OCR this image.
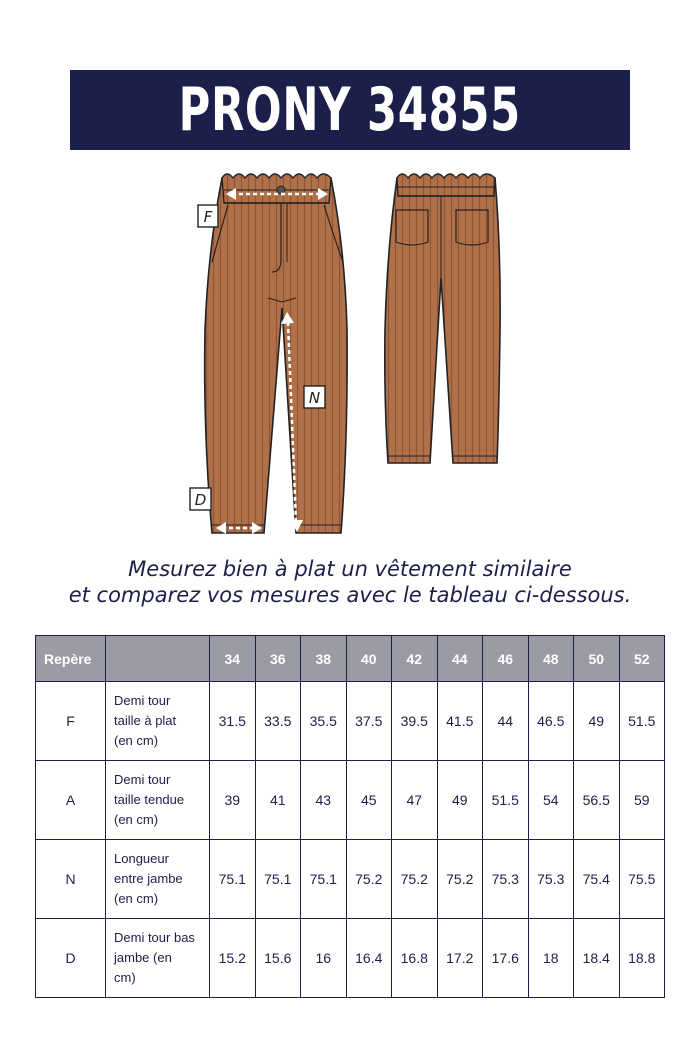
PRONY 34855
F
N
D
Mesurez bien à plat un vêtement similaire
et comparez vos mesures avec le tableau ci-dessous.
Repère		34	36	38	40	42	44	46	48	50	52
F	Demi tour
taille à plat
(en cm)	31.5	33.5	35.5	37.5	39.5	41.5	44	46.5	49	51.5
A	Demi tour
taille tendue
(en cm)	39	41	43	45	47	49	51.5	54	56.5	59
N	Longueur
entre jambe
(en cm)	75.1	75.1	75.1	75.2	75.2	75.2	75.3	75.3	75.4	75.5
D	Demi tour bas
jambe (en
cm)	15.2	15.6	16	16.4	16.8	17.2	17.6	18	18.4	18.8
